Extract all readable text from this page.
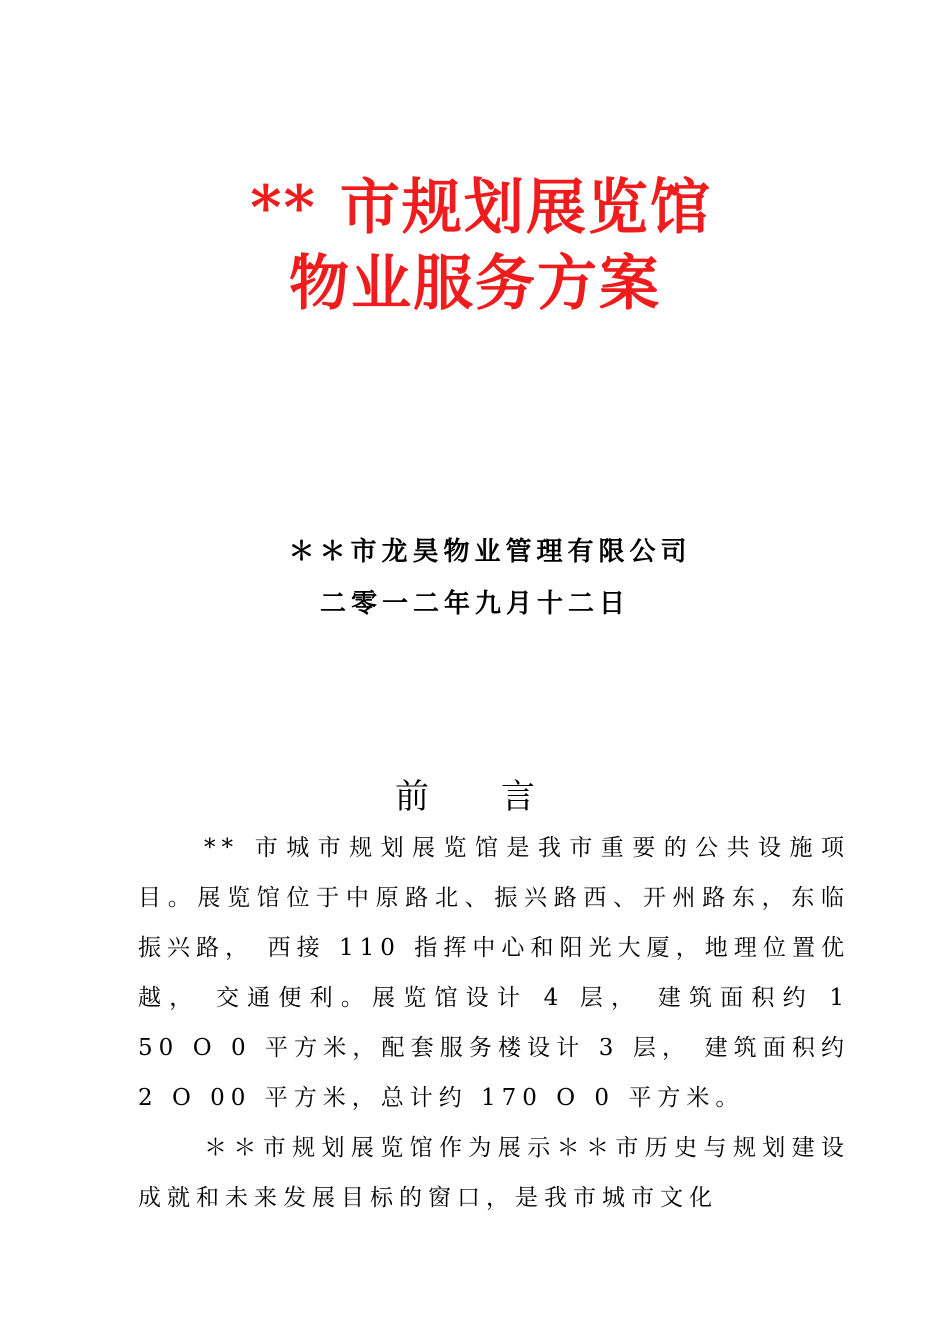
** 市规划展览馆
物业服务方案
＊＊市龙昊物业管理有限公司
二零一二年九月十二日
前言

** 市城市规划展览馆是我市重要的公共设施项目。展览馆位于中原路北、振兴路西、开州路东，东临振兴路， 西接 110 指挥中心和阳光大厦，地理位置优越， 交通便利。展览馆设计 4 层， 建筑面积约 1 50 O 0 平方米，配套服务楼设计 3 层， 建筑面积约 2 O 00 平方米，总计约 170 O 0 平方米。

＊＊市规划展览馆作为展示＊＊市历史与规划建设成就和未来发展目标的窗口，是我市城市文化
